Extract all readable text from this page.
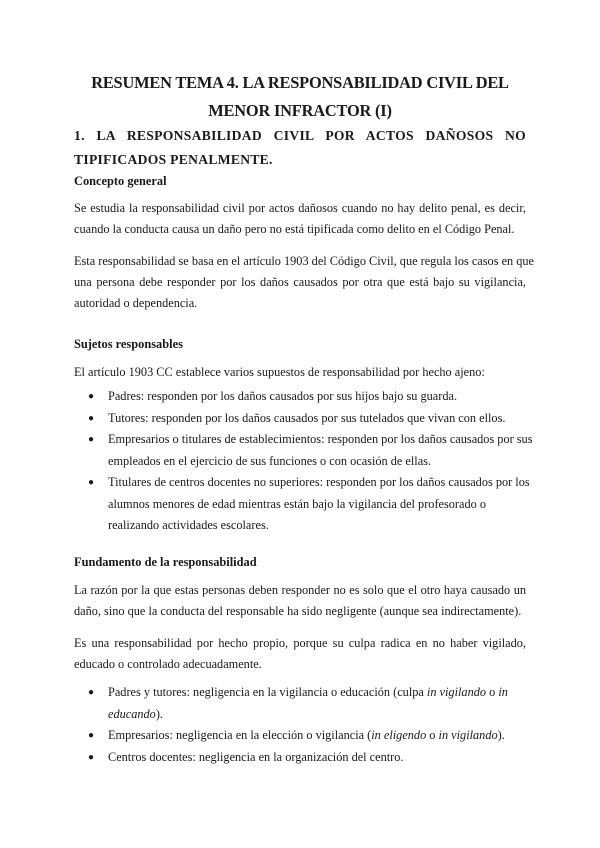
RESUMEN TEMA 4. LA RESPONSABILIDAD CIVIL DEL
MENOR INFRACTOR (I)
1. LA RESPONSABILIDAD CIVIL POR ACTOS DAÑOSOS NO
TIPIFICADOS PENALMENTE.
Concepto general

Se estudia la responsabilidad civil por actos dañosos cuando no hay delito penal, es decir,
cuando la conducta causa un daño pero no está tipificada como delito en el Código Penal.

Esta responsabilidad se basa en el artículo 1903 del Código Civil, que regula los casos en que
una persona debe responder por los daños causados por otra que está bajo su vigilancia,
autoridad o dependencia.

Sujetos responsables

El artículo 1903 CC establece varios supuestos de responsabilidad por hecho ajeno:

● Padres: responden por los daños causados por sus hijos bajo su guarda.
● Tutores: responden por los daños causados por sus tutelados que vivan con ellos.
● Empresarios o titulares de establecimientos: responden por los daños causados por sus
empleados en el ejercicio de sus funciones o con ocasión de ellas.
● Titulares de centros docentes no superiores: responden por los daños causados por los
alumnos menores de edad mientras están bajo la vigilancia del profesorado o
realizando actividades escolares.
Fundamento de la responsabilidad

La razón por la que estas personas deben responder no es solo que el otro haya causado un
daño, sino que la conducta del responsable ha sido negligente (aunque sea indirectamente).

Es una responsabilidad por hecho propio, porque su culpa radica en no haber vigilado,
educado o controlado adecuadamente.

● Padres y tutores: negligencia en la vigilancia o educación (culpa in vigilando o in
educando).
● Empresarios: negligencia en la elección o vigilancia (in eligendo o in vigilando).
● Centros docentes: negligencia en la organización del centro.
